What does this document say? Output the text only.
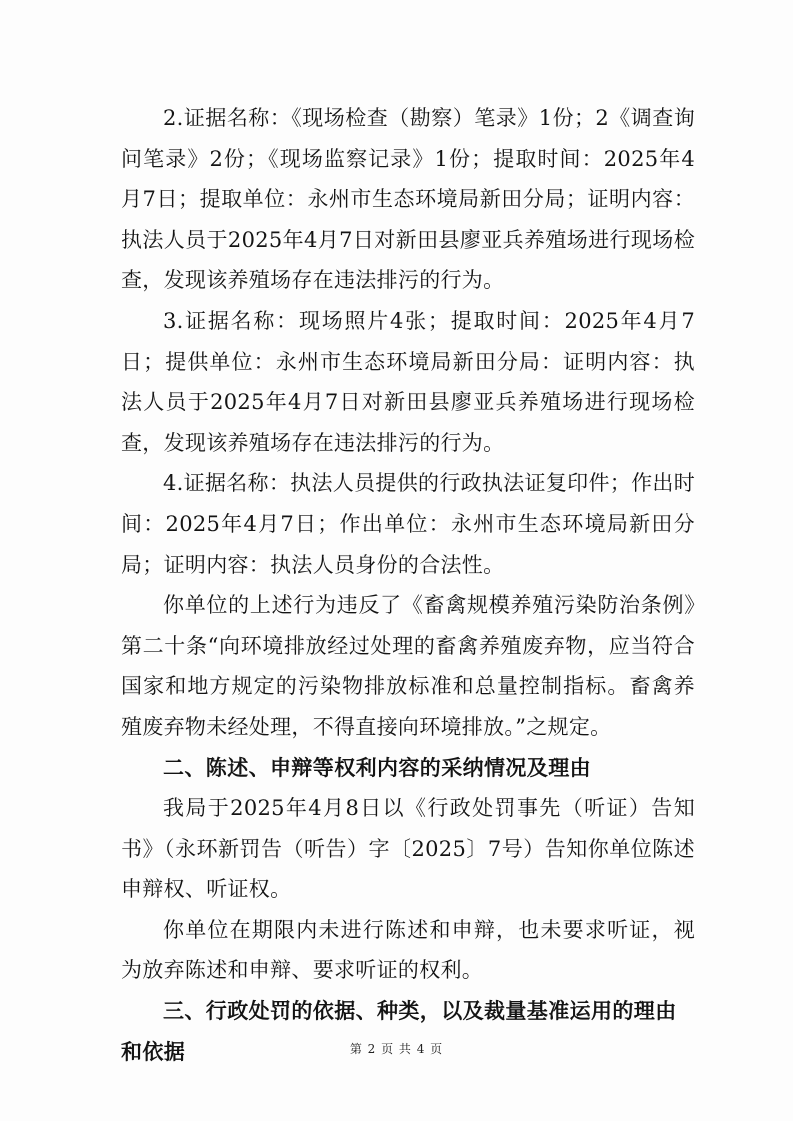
2.证据名称：《现场检查（勘察）笔录》1份；2《调查询问笔录》2份；《现场监察记录》1份；提取时间：2025年4月7日；提取单位：永州市生态环境局新田分局；证明内容：执法人员于2025年4月7日对新田县廖亚兵养殖场进行现场检查，发现该养殖场存在违法排污的行为。

3.证据名称：现场照片4张；提取时间：2025年4月7日；提供单位：永州市生态环境局新田分局：证明内容：执法人员于2025年4月7日对新田县廖亚兵养殖场进行现场检查，发现该养殖场存在违法排污的行为。

4.证据名称：执法人员提供的行政执法证复印件；作出时间：2025年4月7日；作出单位：永州市生态环境局新田分局；证明内容：执法人员身份的合法性。

你单位的上述行为违反了《畜禽规模养殖污染防治条例》第二十条“向环境排放经过处理的畜禽养殖废弃物，应当符合国家和地方规定的污染物排放标准和总量控制指标。畜禽养殖废弃物未经处理，不得直接向环境排放。”之规定。

二、陈述、申辩等权利内容的采纳情况及理由

我局于2025年4月8日以《行政处罚事先（听证）告知书》（永环新罚告（听告）字〔2025〕7号）告知你单位陈述申辩权、听证权。

你单位在期限内未进行陈述和申辩，也未要求听证，视为放弃陈述和申辩、要求听证的权利。

三、行政处罚的依据、种类，以及裁量基准运用的理由和依据	第 2 页 共 4 页
